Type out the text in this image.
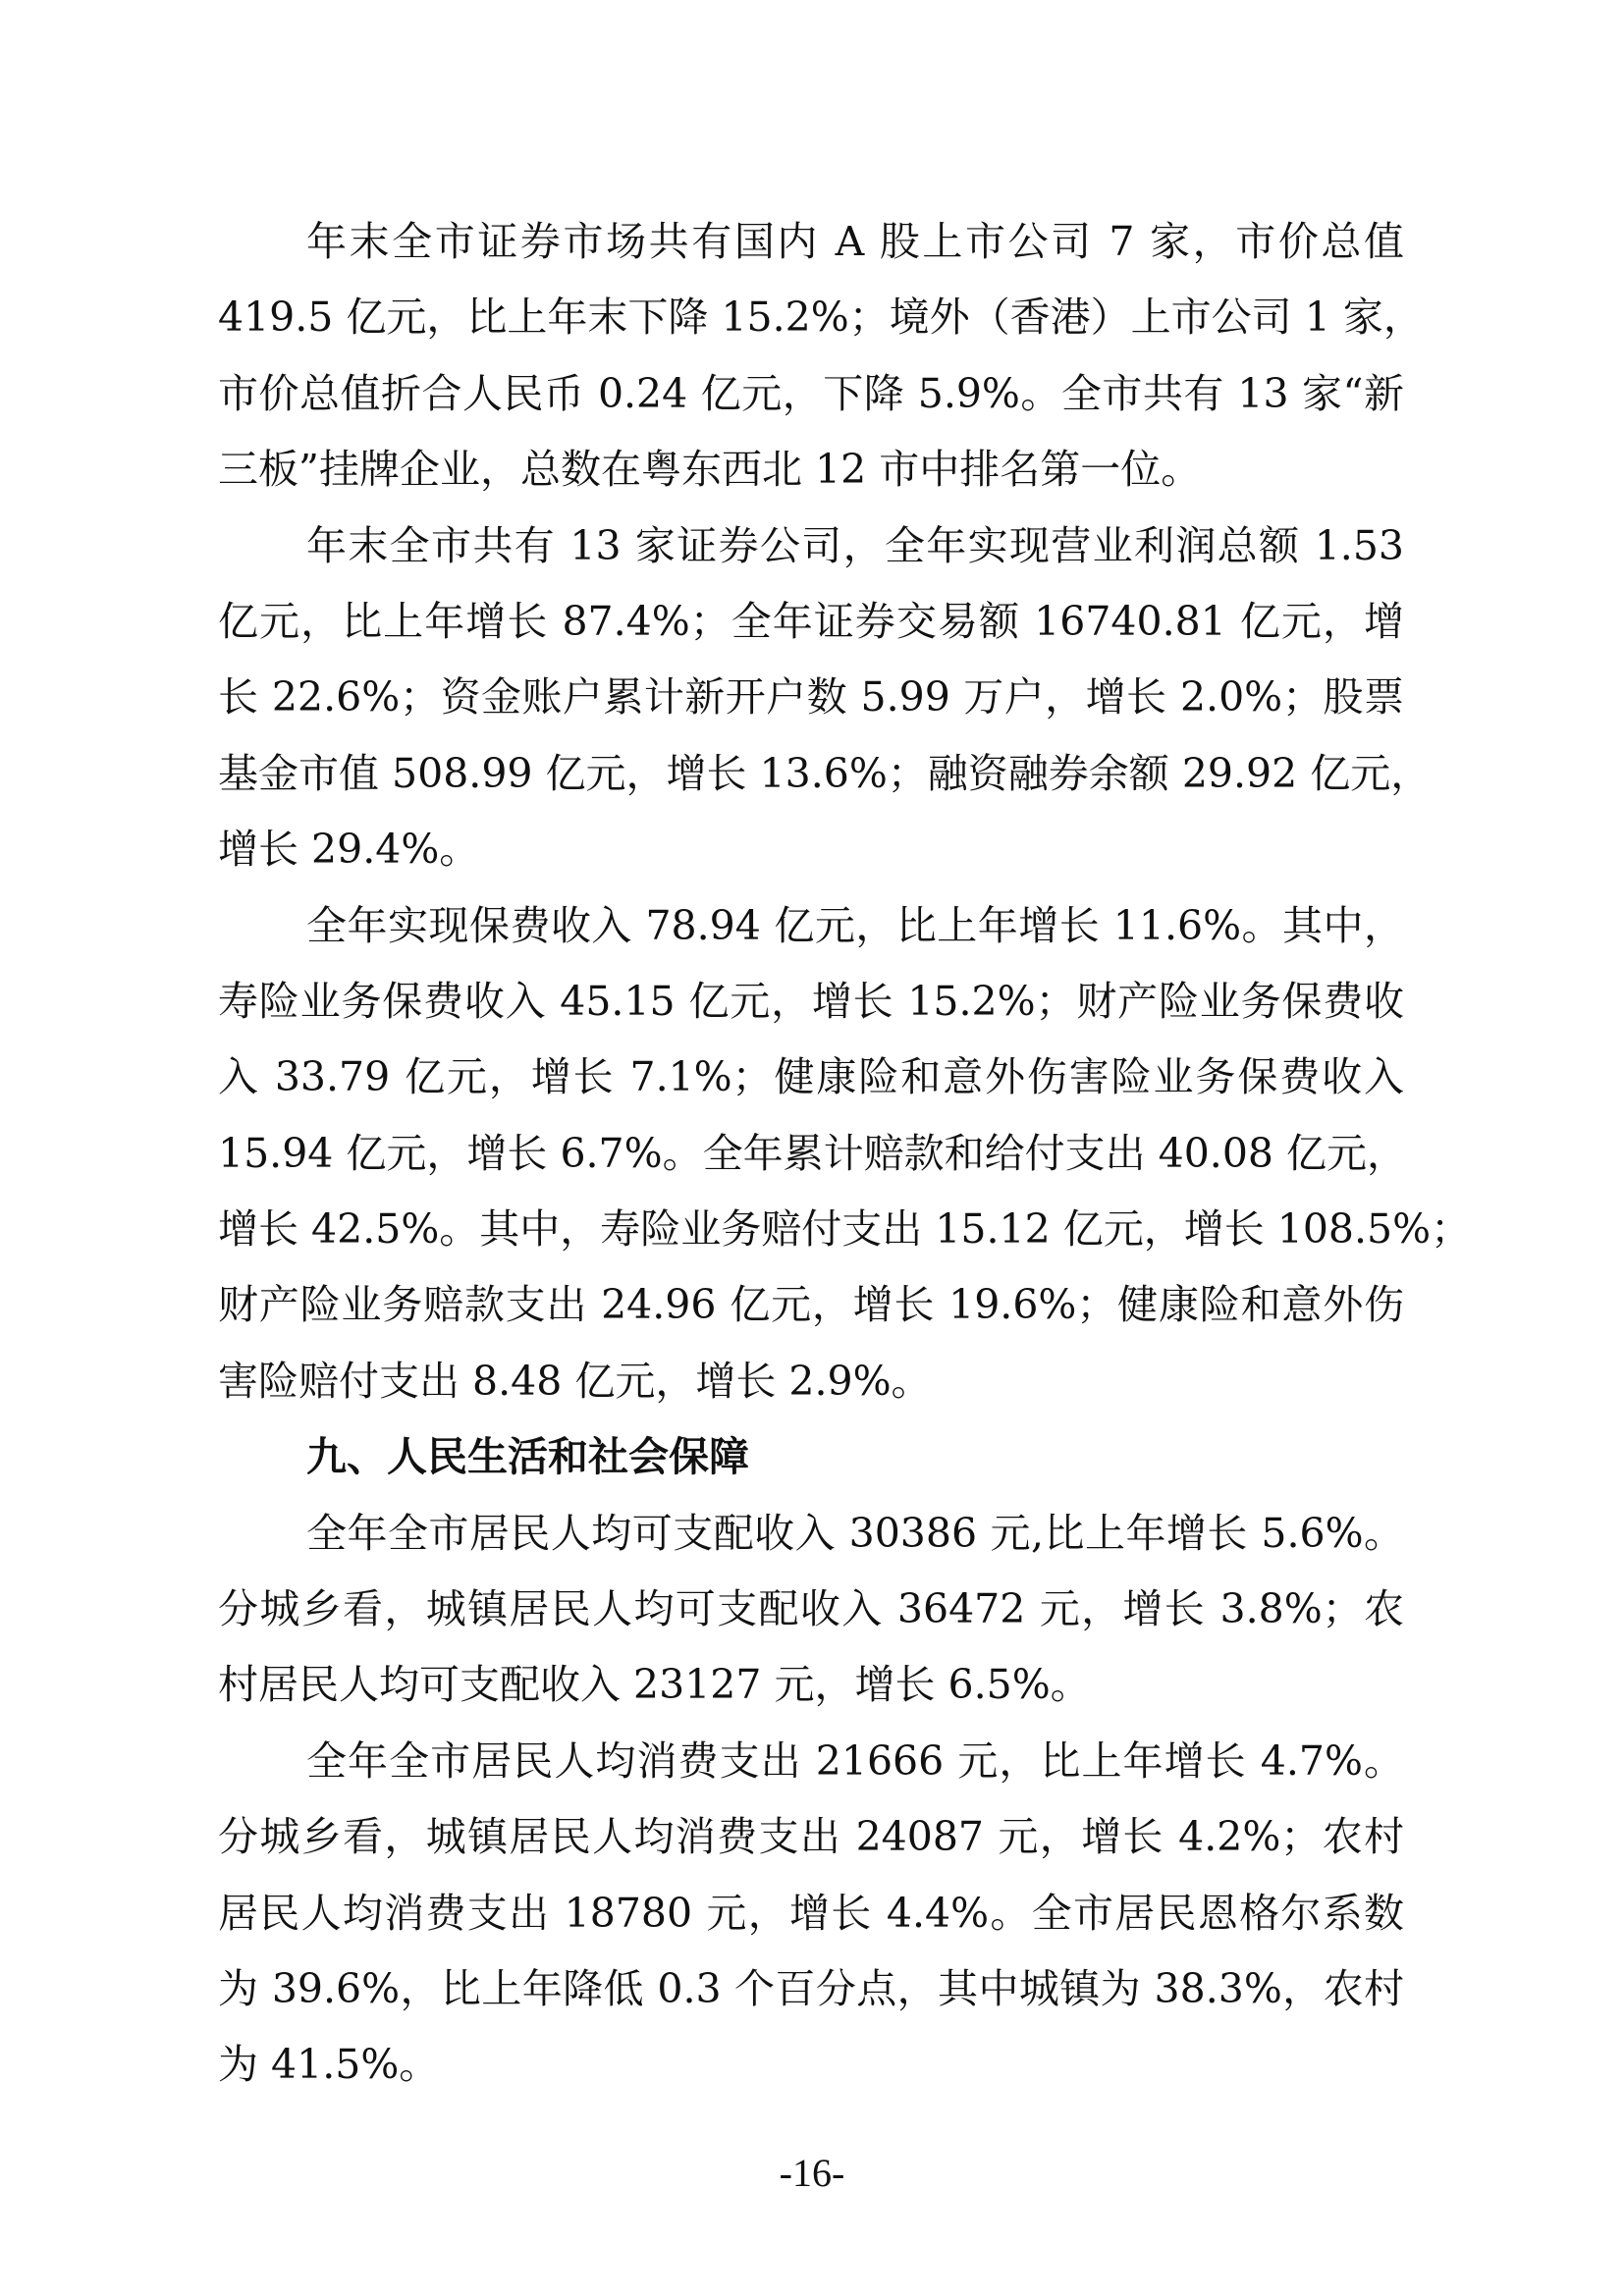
年末全市证券市场共有国内 A 股上市公司 7 家，市价总值
419.5 亿元，比上年末下降 15.2%；境外（香港）上市公司 1 家，
市价总值折合人民币 0.24 亿元，下降 5.9%。全市共有 13 家“新
三板”挂牌企业，总数在粤东西北 12 市中排名第一位。
年末全市共有 13 家证券公司，全年实现营业利润总额 1.53
亿元，比上年增长 87.4%；全年证券交易额 16740.81 亿元，增
长 22.6%；资金账户累计新开户数 5.99 万户，增长 2.0%；股票
基金市值 508.99 亿元，增长 13.6%；融资融券余额 29.92 亿元，
增长 29.4%。
全年实现保费收入 78.94 亿元，比上年增长 11.6%。其中，
寿险业务保费收入 45.15 亿元，增长 15.2%；财产险业务保费收
入 33.79 亿元，增长 7.1%；健康险和意外伤害险业务保费收入
15.94 亿元，增长 6.7%。全年累计赔款和给付支出 40.08 亿元，
增长 42.5%。其中，寿险业务赔付支出 15.12 亿元，增长 108.5%；
财产险业务赔款支出 24.96 亿元，增长 19.6%；健康险和意外伤
害险赔付支出 8.48 亿元，增长 2.9%。
九、人民生活和社会保障
全年全市居民人均可支配收入 30386 元,比上年增长 5.6%。
分城乡看，城镇居民人均可支配收入 36472 元，增长 3.8%；农
村居民人均可支配收入 23127 元，增长 6.5%。
全年全市居民人均消费支出 21666 元，比上年增长 4.7%。
分城乡看，城镇居民人均消费支出 24087 元，增长 4.2%；农村
居民人均消费支出 18780 元，增长 4.4%。全市居民恩格尔系数
为 39.6%，比上年降低 0.3 个百分点，其中城镇为 38.3%，农村
为 41.5%。
-16-
